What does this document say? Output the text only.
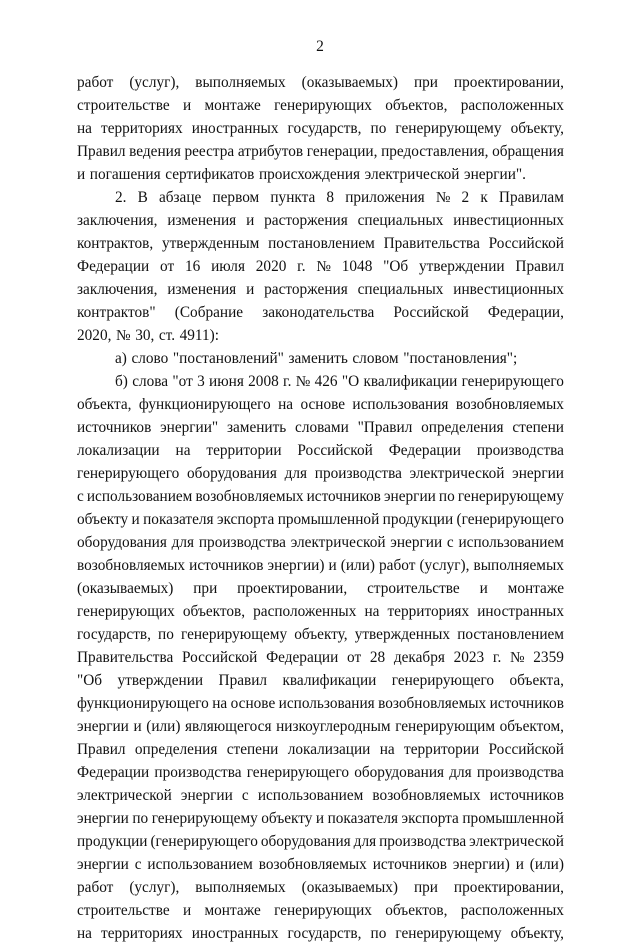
2
работ (услуг), выполняемых (оказываемых) при проектировании,
строительстве и монтаже генерирующих объектов, расположенных
на территориях иностранных государств, по генерирующему объекту,
Правил ведения реестра атрибутов генерации, предоставления, обращения
и погашения сертификатов происхождения электрической энергии".
2. В абзаце первом пункта 8 приложения № 2 к Правилам
заключения, изменения и расторжения специальных инвестиционных
контрактов, утвержденным постановлением Правительства Российской
Федерации от 16 июля 2020 г. № 1048 "Об утверждении Правил
заключения, изменения и расторжения специальных инвестиционных
контрактов" (Собрание законодательства Российской Федерации,
2020, № 30, ст. 4911):
а) слово "постановлений" заменить словом "постановления";
б) слова "от 3 июня 2008 г. № 426 "О квалификации генерирующего
объекта, функционирующего на основе использования возобновляемых
источников энергии" заменить словами "Правил определения степени
локализации на территории Российской Федерации производства
генерирующего оборудования для производства электрической энергии
с использованием возобновляемых источников энергии по генерирующему
объекту и показателя экспорта промышленной продукции (генерирующего
оборудования для производства электрической энергии с использованием
возобновляемых источников энергии) и (или) работ (услуг), выполняемых
(оказываемых) при проектировании, строительстве и монтаже
генерирующих объектов, расположенных на территориях иностранных
государств, по генерирующему объекту, утвержденных постановлением
Правительства Российской Федерации от 28 декабря 2023 г. № 2359
"Об утверждении Правил квалификации генерирующего объекта,
функционирующего на основе использования возобновляемых источников
энергии и (или) являющегося низкоуглеродным генерирующим объектом,
Правил определения степени локализации на территории Российской
Федерации производства генерирующего оборудования для производства
электрической энергии с использованием возобновляемых источников
энергии по генерирующему объекту и показателя экспорта промышленной
продукции (генерирующего оборудования для производства электрической
энергии с использованием возобновляемых источников энергии) и (или)
работ (услуг), выполняемых (оказываемых) при проектировании,
строительстве и монтаже генерирующих объектов, расположенных
на территориях иностранных государств, по генерирующему объекту,
